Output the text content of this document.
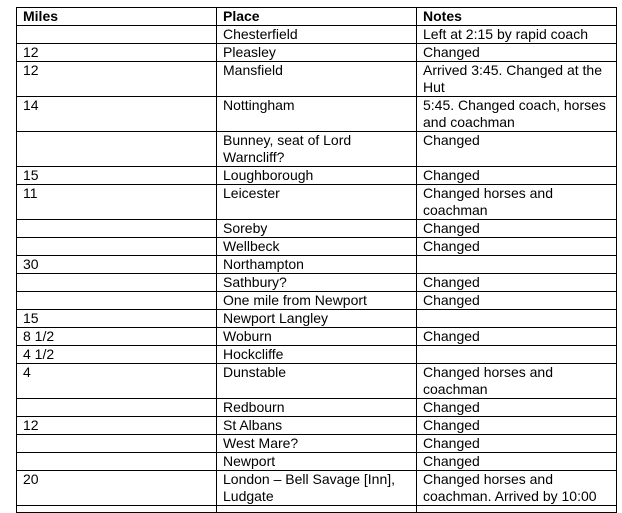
Miles	Place	Notes
	Chesterfield	Left at 2:15 by rapid coach
12	Pleasley	Changed
12	Mansfield	Arrived 3:45. Changed at the Hut
14	Nottingham	5:45. Changed coach, horses and coachman
	Bunney, seat of Lord Warncliff?	Changed
15	Loughborough	Changed
11	Leicester	Changed horses and coachman
	Soreby	Changed
	Wellbeck	Changed
30	Northampton	
	Sathbury?	Changed
	One mile from Newport	Changed
15	Newport Langley	
8 1/2	Woburn	Changed
4 1/2	Hockcliffe	
4	Dunstable	Changed horses and coachman
	Redbourn	Changed
12	St Albans	Changed
	West Mare?	Changed
	Newport	Changed
20	London – Bell Savage [Inn], Ludgate	Changed horses and coachman. Arrived by 10:00
